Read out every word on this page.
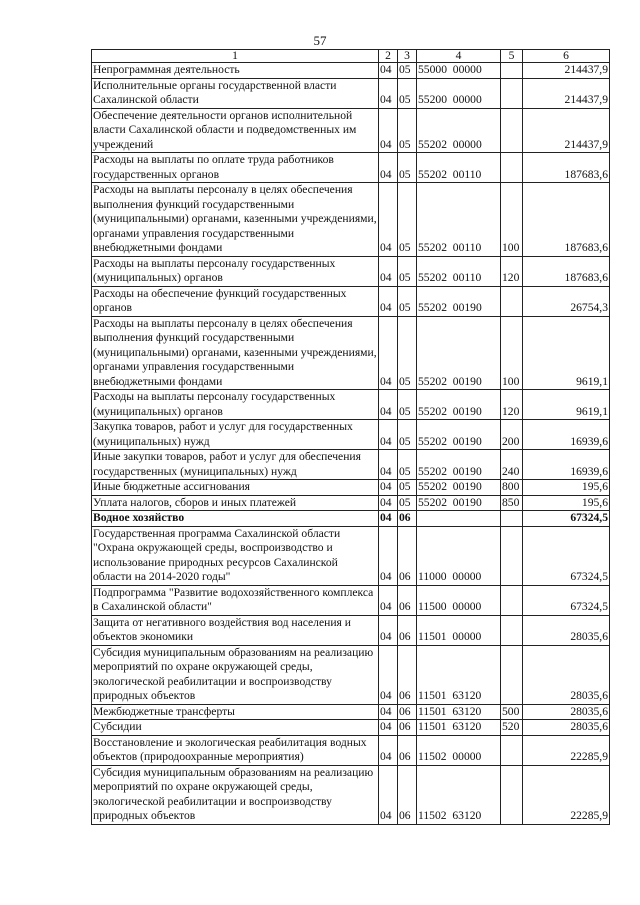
57
1	2	3	4	5	6
Непрограммная деятельность	04	05	55000  00000		214437,9
Исполнительные органы государственной власти Сахалинской области	04	05	55200  00000		214437,9
Обеспечение деятельности органов исполнительной власти Сахалинской области и подведомственных им учреждений	04	05	55202  00000		214437,9
Расходы на выплаты по оплате труда работников государственных органов	04	05	55202  00110		187683,6
Расходы на выплаты персоналу в целях обеспечения выполнения функций государственными (муниципальными) органами, казенными учреждениями, органами управления государственными внебюджетными фондами	04	05	55202  00110	100	187683,6
Расходы на выплаты персоналу государственных (муниципальных) органов	04	05	55202  00110	120	187683,6
Расходы на обеспечение функций государственных органов	04	05	55202  00190		26754,3
Расходы на выплаты персоналу в целях обеспечения выполнения функций государственными (муниципальными) органами, казенными учреждениями, органами управления государственными внебюджетными фондами	04	05	55202  00190	100	9619,1
Расходы на выплаты персоналу государственных (муниципальных) органов	04	05	55202  00190	120	9619,1
Закупка товаров, работ и услуг для государственных (муниципальных) нужд	04	05	55202  00190	200	16939,6
Иные закупки товаров, работ и услуг для обеспечения государственных (муниципальных) нужд	04	05	55202  00190	240	16939,6
Иные бюджетные ассигнования	04	05	55202  00190	800	195,6
Уплата налогов, сборов и иных платежей	04	05	55202  00190	850	195,6
Водное хозяйство	04	06			67324,5
Государственная программа Сахалинской области "Охрана окружающей среды, воспроизводство и использование природных ресурсов Сахалинской области на 2014-2020 годы"	04	06	11000  00000		67324,5
Подпрограмма "Развитие водохозяйственного комплекса в Сахалинской области"	04	06	11500  00000		67324,5
Защита от негативного воздействия вод населения и объектов экономики	04	06	11501  00000		28035,6
Субсидия муниципальным образованиям на реализацию мероприятий по охране окружающей среды, экологической реабилитации и воспроизводству природных объектов	04	06	11501  63120		28035,6
Межбюджетные трансферты	04	06	11501  63120	500	28035,6
Субсидии	04	06	11501  63120	520	28035,6
Восстановление и экологическая реабилитация водных объектов (природоохранные мероприятия)	04	06	11502  00000		22285,9
Субсидия муниципальным образованиям на реализацию мероприятий по охране окружающей среды, экологической реабилитации и воспроизводству природных объектов	04	06	11502  63120		22285,9
